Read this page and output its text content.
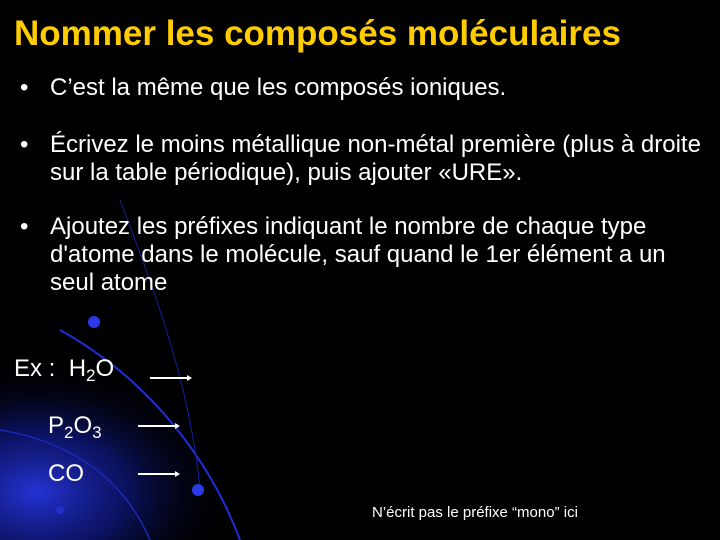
Nommer les composés moléculaires
• C’est la même que les composés ioniques.
• Écrivez le moins métallique non-métal première (plus à droite sur la table périodique), puis ajouter «URE».
• Ajoutez les préfixes indiquant le nombre de chaque type d'atome dans le molécule, sauf quand le 1er élément a un seul atome
Ex : $H_2O$
$P_2O_3$
CO
N’écrit pas le préfixe “mono” ici
